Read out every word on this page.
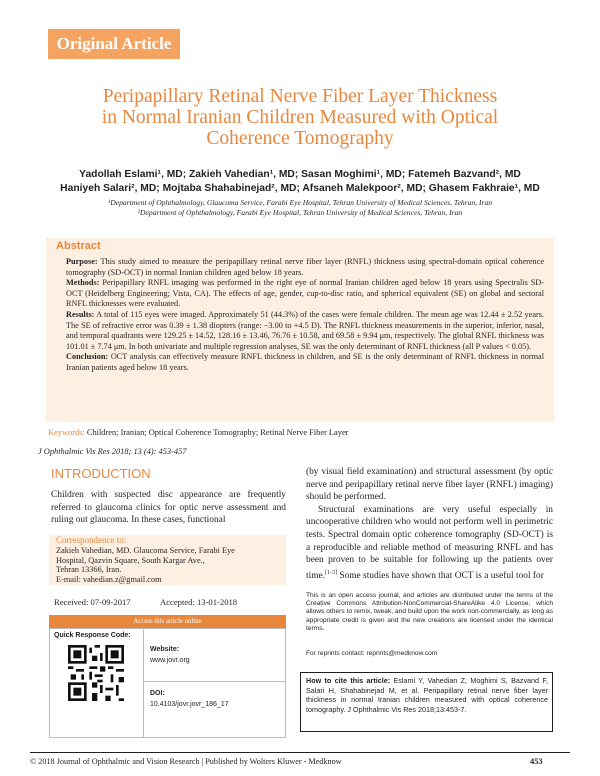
Original Article
Peripapillary Retinal Nerve Fiber Layer Thickness
in Normal Iranian Children Measured with Optical
Coherence Tomography
Yadollah Eslami¹, MD; Zakieh Vahedian¹, MD; Sasan Moghimi¹, MD; Fatemeh Bazvand², MD
Haniyeh Salari², MD; Mojtaba Shahabinejad², MD; Afsaneh Malekpoor², MD; Ghasem Fakhraie¹, MD
¹Department of Ophthalmology, Glaucoma Service, Farabi Eye Hospital, Tehran University of Medical Sciences, Tehran, Iran
²Department of Ophthalmology, Farabi Eye Hospital, Tehran University of Medical Sciences, Tehran, Iran
Abstract

Purpose: This study aimed to measure the peripapillary retinal nerve fiber layer (RNFL) thickness using spectral-domain optical coherence tomography (SD-OCT) in normal Iranian children aged below 18 years.

Methods: Peripapillary RNFL imaging was performed in the right eye of normal Iranian children aged below 18 years using Spectralis SD-OCT (Heidelberg Engineering; Vista, CA). The effects of age, gender, cup-to-disc ratio, and spherical equivalent (SE) on global and sectoral RNFL thicknesses were evaluated.

Results: A total of 115 eyes were imaged. Approximately 51 (44.3%) of the cases were female children. The mean age was 12.44 ± 2.52 years. The SE of refractive error was 0.39 ± 1.38 diopters (range: −3.00 to +4.5 D). The RNFL thickness measurements in the superior, inferior, nasal, and temporal quadrants were 129.25 ± 14.52, 128.16 ± 13.46, 76.76 ± 10.58, and 69.58 ± 9.94 μm, respectively. The global RNFL thickness was 101.01 ± 7.74 μm. In both univariate and multiple regression analyses, SE was the only determinant of RNFL thickness (all P values < 0.05).

Conclusion: OCT analysis can effectively measure RNFL thickness in children, and SE is the only determinant of RNFL thickness in normal Iranian patients aged below 18 years.

Keywords: Children; Iranian; Optical Coherence Tomography; Retinal Nerve Fiber Layer
J Ophthalmic Vis Res 2018; 13 (4): 453-457
INTRODUCTION
Children with suspected disc appearance are frequently referred to glaucoma clinics for optic nerve assessment and ruling out glaucoma. In these cases, functional

(by visual field examination) and structural assessment (by optic nerve and peripapillary retinal nerve fiber layer (RNFL) imaging) should be performed.

Structural examinations are very useful especially in uncooperative children who would not perform well in perimetric tests. Spectral domain optic coherence tomography (SD-OCT) is a reproducible and reliable method of measuring RNFL and has been proven to be suitable for following up the patients over time.[1-3] Some studies have shown that OCT is a useful tool for

Correspondence to:
Zakieh Vahedian, MD. Glaucoma Service, Farabi Eye
Hospital, Qazvin Square, South Kargar Ave.,
Tehran 13366, Iran.
E-mail: vahedian.z@gmail.com
Received: 07-09-2017	Accepted: 13-01-2018
Access this article online
Quick Response Code:
Website:
www.jovr.org
DOI:
10.4103/jovr.jovr_186_17
This is an open access journal, and articles are distributed under the terms of the Creative Commons Attribution-NonCommercial-ShareAlike 4.0 License, which allows others to remix, tweak, and build upon the work non-commercially, as long as appropriate credit is given and the new creations are licensed under the identical terms.
For reprints contact: reprints@medknow.com
How to cite this article: Eslami Y, Vahedian Z, Moghimi S, Bazvand F, Salari H, Shahabinejad M, et al. Peripapillary retinal nerve fiber layer thickness in normal Iranian children measured with optical coherence tomography. J Ophthalmic Vis Res 2018;13:453-7.
© 2018 Journal of Ophthalmic and Vision Research | Published by Wolters Kluwer - Medknow	453
